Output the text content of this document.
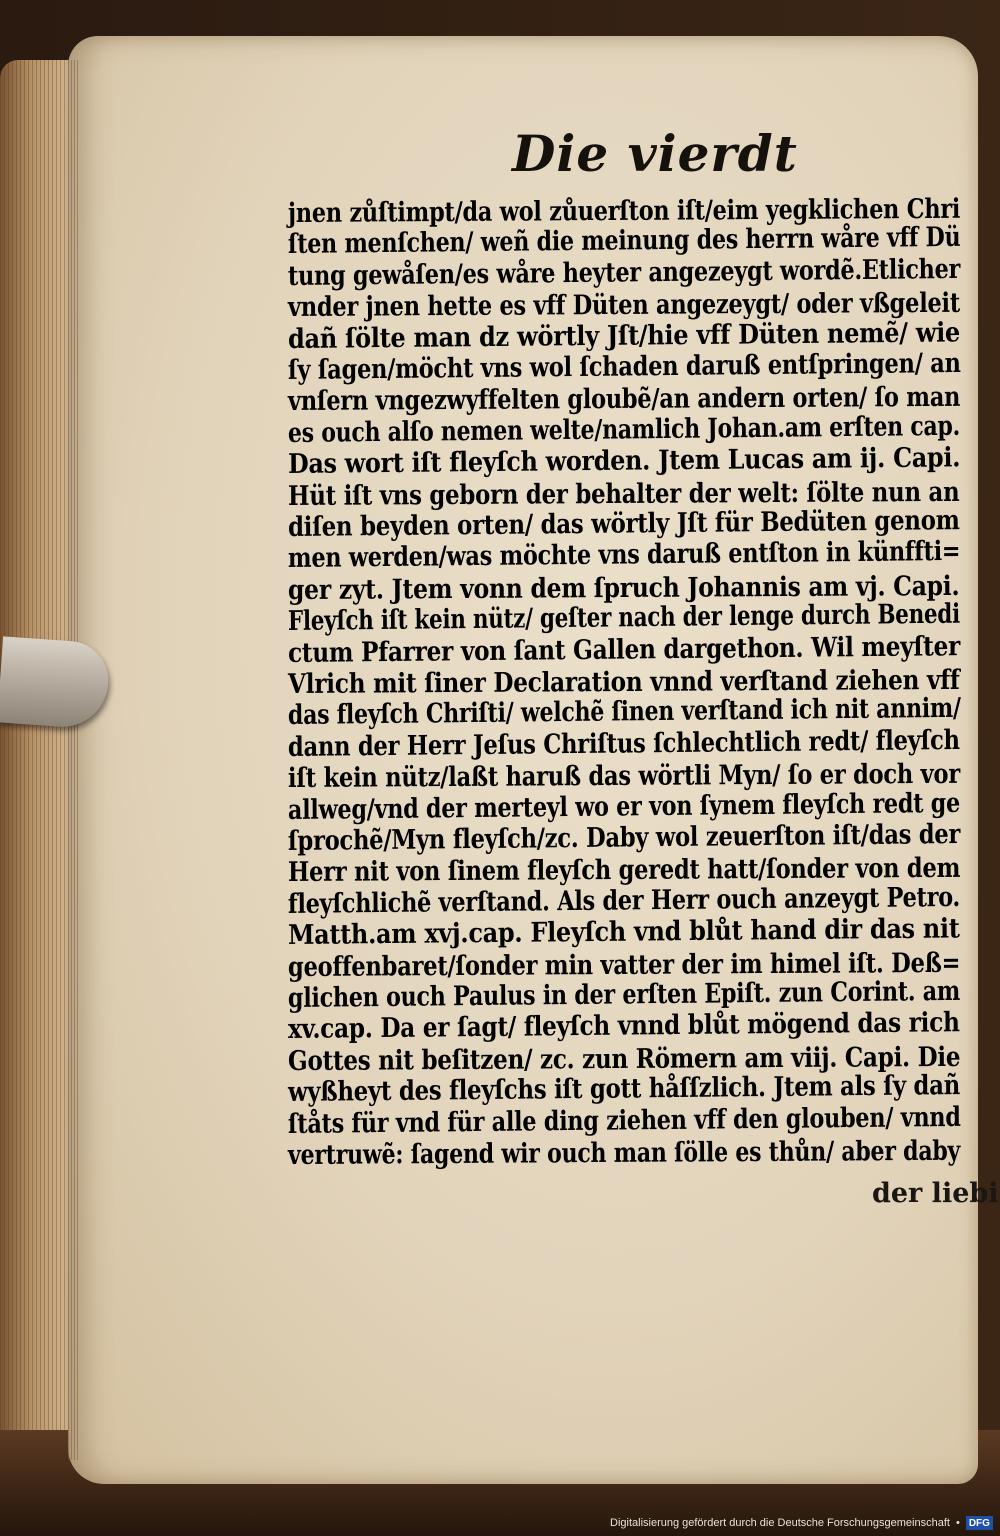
Die vierdt
jnen zůſtimpt/da wol zůuerſton iſt/eim yegklichen Chri
ſten menſchen/ weñ die meinung des herrn wåre vff Dü
tung gewåſen/es wåre heyter angezeygt wordẽ.Etlicher
vnder jnen hette es vff Düten angezeygt/ oder vßgeleit
dañ ſölte man dz wörtly Jſt/hie vff Düten nemẽ/ wie
ſy ſagen/möcht vns wol ſchaden daruß entſpringen/ an
vnſern vngezwyffelten gloubẽ/an andern orten/ ſo man
es ouch alſo nemen welte/namlich Johan.am erſten cap.
Das wort iſt fleyſch worden. Jtem Lucas am ij. Capi.
Hüt iſt vns geborn der behalter der welt: ſölte nun an
diſen beyden orten/ das wörtly Jſt für Bedüten genom
men werden/was möchte vns daruß entſton in künffti=
ger zyt. Jtem vonn dem ſpruch Johannis am vj. Capi.
Fleyſch iſt kein nütz/ geſter nach der lenge durch Benedi
ctum Pfarrer von ſant Gallen dargethon. Wil meyſter
Vlrich mit ſiner Declaration vnnd verſtand ziehen vff
das fleyſch Chriſti/ welchẽ ſinen verſtand ich nit annim/
dann der Herr Jeſus Chriſtus ſchlechtlich redt/ fleyſch
iſt kein nütz/laßt haruß das wörtli Myn/ ſo er doch vor
allweg/vnd der merteyl wo er von ſynem fleyſch redt ge
ſprochẽ/Myn fleyſch/zc. Daby wol zeuerſton iſt/das der
Herr nit von ſinem fleyſch geredt hatt/ſonder von dem
fleyſchlichẽ verſtand. Als der Herr ouch anzeygt Petro.
Matth.am xvj.cap. Fleyſch vnd blůt hand dir das nit
geoffenbaret/ſonder min vatter der im himel iſt. Deß=
glichen ouch Paulus in der erſten Epiſt. zun Corint. am
xv.cap. Da er ſagt/ fleyſch vnnd blůt mögend das rich
Gottes nit beſitzen/ zc. zun Römern am viij. Capi. Die
wyßheyt des fleyſchs iſt gott håſſzlich. Jtem als ſy dañ
ſtåts für vnd für alle ding ziehen vff den glouben/ vnnd
vertruwẽ: ſagend wir ouch man ſölle es thůn/ aber daby
der liebi
Digitalisierung gefördert durch die Deutsche Forschungsgemeinschaft • DFG
